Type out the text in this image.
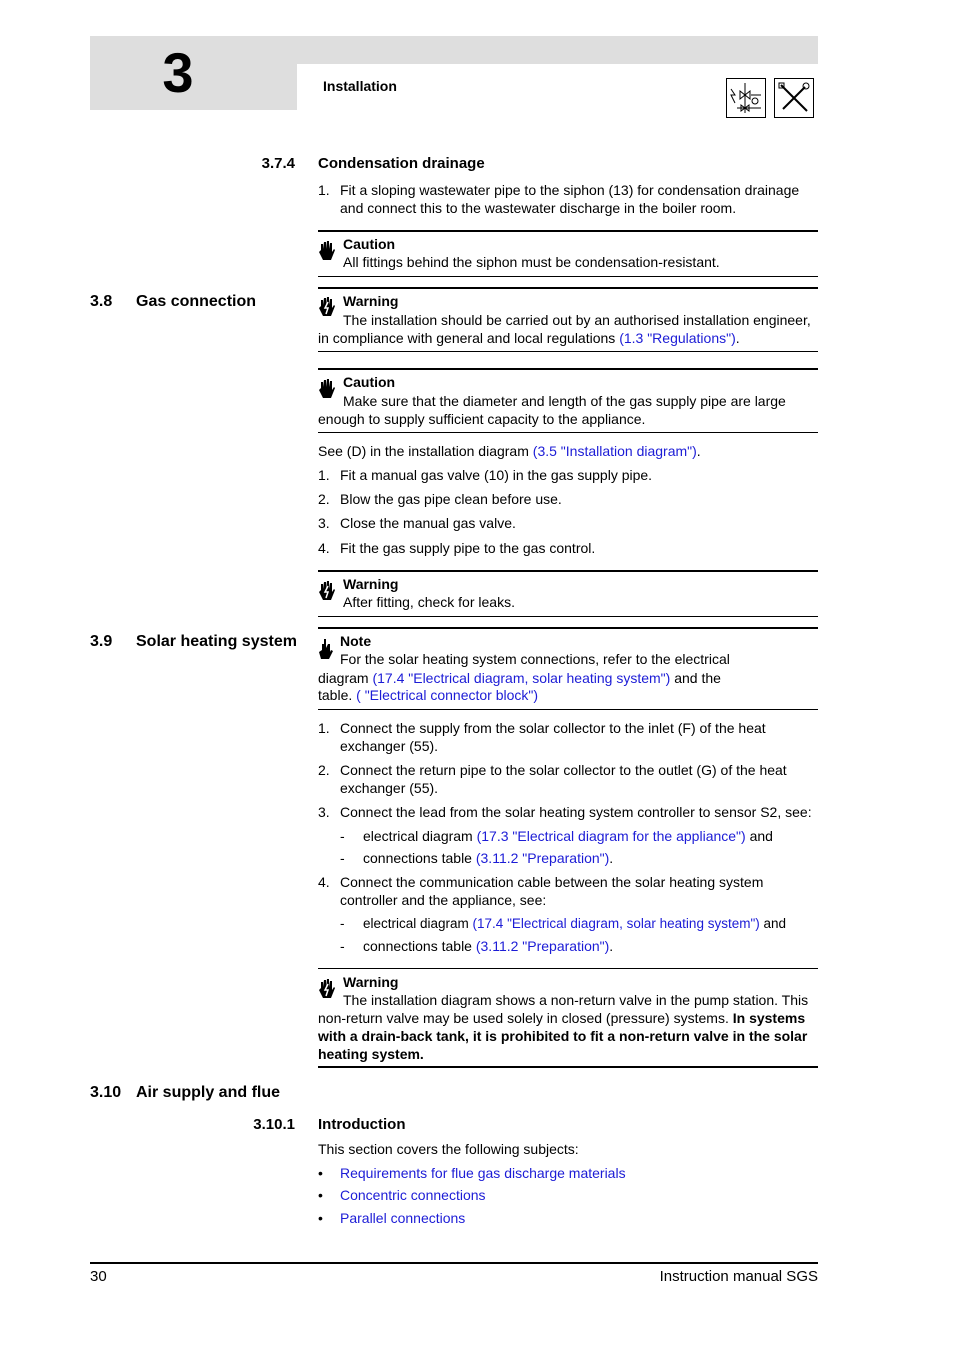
3	Installation
3.7.4 Condensation drainage
1. Fit a sloping wastewater pipe to the siphon (13) for condensation drainage and connect this to the wastewater discharge in the boiler room.
Caution
All fittings behind the siphon must be condensation-resistant.
3.8 Gas connection	Warning
The installation should be carried out by an authorised installation engineer, in compliance with general and local regulations (1.3 "Regulations").
Caution
Make sure that the diameter and length of the gas supply pipe are large enough to supply sufficient capacity to the appliance.
See (D) in the installation diagram (3.5 "Installation diagram").
1. Fit a manual gas valve (10) in the gas supply pipe.
2. Blow the gas pipe clean before use.
3. Close the manual gas valve.
4. Fit the gas supply pipe to the gas control.
Warning
After fitting, check for leaks.
3.9 Solar heating system	Note
For the solar heating system connections, refer to the electrical
diagram (17.4 "Electrical diagram, solar heating system") and the
table. ( "Electrical connector block")
1. Connect the supply from the solar collector to the inlet (F) of the heat exchanger (55).
2. Connect the return pipe to the solar collector to the outlet (G) of the heat exchanger (55).
3. Connect the lead from the solar heating system controller to sensor S2, see:
- electrical diagram (17.3 "Electrical diagram for the appliance") and
- connections table (3.11.2 "Preparation").
4. Connect the communication cable between the solar heating system controller and the appliance, see:
- electrical diagram (17.4 "Electrical diagram, solar heating system") and
- connections table (3.11.2 "Preparation").
Warning
The installation diagram shows a non-return valve in the pump station. This non-return valve may be used solely in closed (pressure) systems. In systems with a drain-back tank, it is prohibited to fit a non-return valve in the solar heating system.
3.10 Air supply and flue
3.10.1 Introduction
This section covers the following subjects:
• Requirements for flue gas discharge materials
• Concentric connections
• Parallel connections
30	Instruction manual SGS
